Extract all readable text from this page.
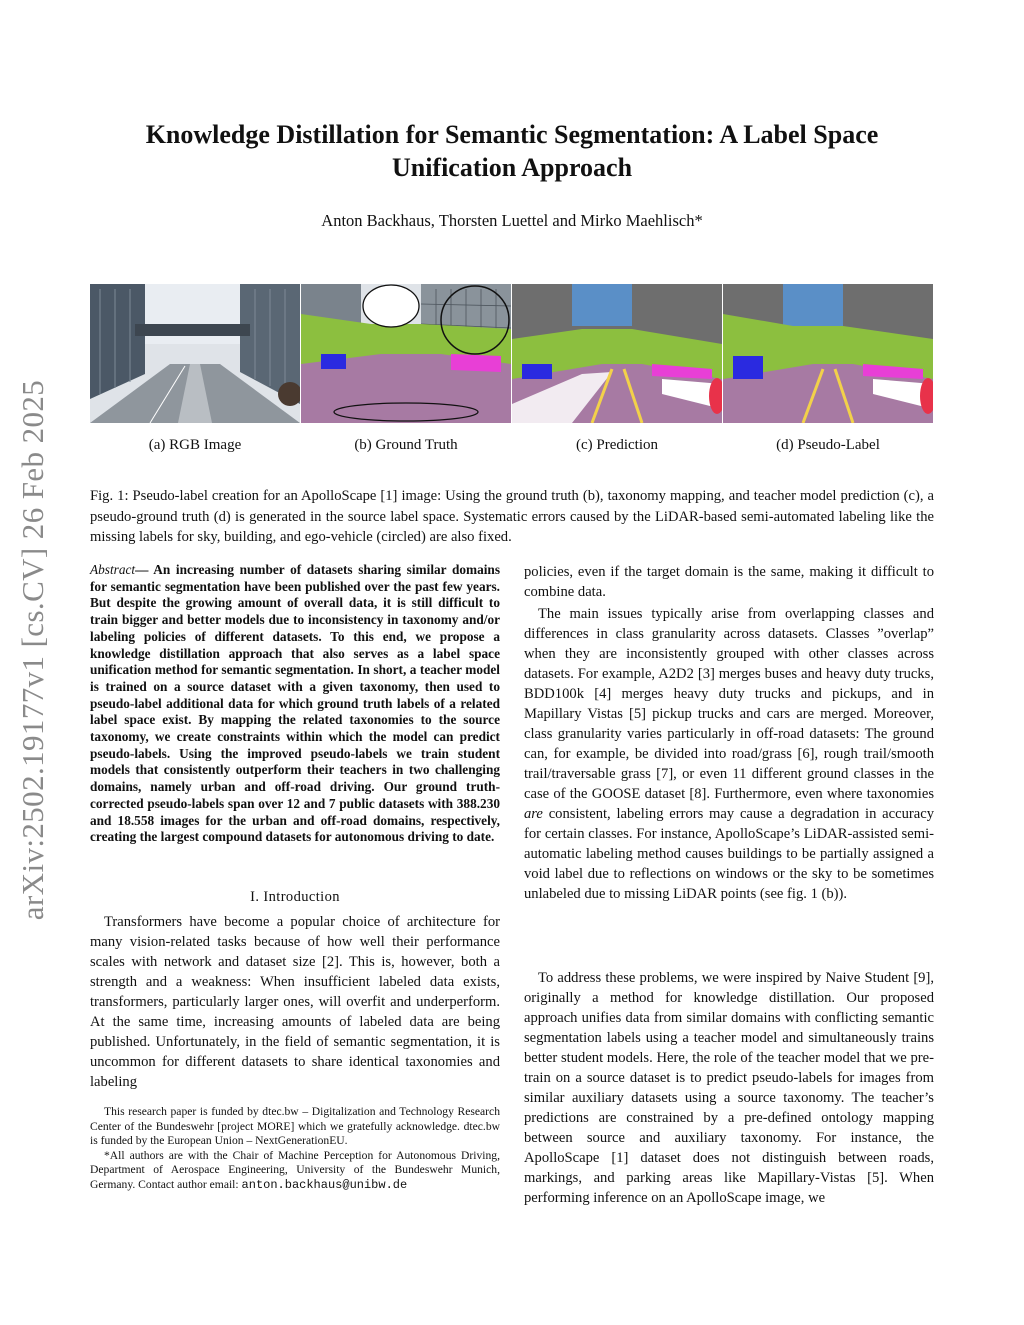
Knowledge Distillation for Semantic Segmentation: A Label Space Unification Approach
Anton Backhaus, Thorsten Luettel and Mirko Maehlisch*
arXiv:2502.19177v1 [cs.CV] 26 Feb 2025	(a) RGB Image	(b) Ground Truth	(c) Prediction	(d) Pseudo-Label
Fig. 1: Pseudo-label creation for an ApolloScape [1] image: Using the ground truth (b), taxonomy mapping, and teacher model prediction (c), a pseudo-ground truth (d) is generated in the source label space. Systematic errors caused by the LiDAR-based semi-automated labeling like the missing labels for sky, building, and ego-vehicle (circled) are also fixed.
Abstract— An increasing number of datasets sharing similar domains for semantic segmentation have been published over the past few years. But despite the growing amount of overall data, it is still difficult to train bigger and better models due to inconsistency in taxonomy and/or labeling policies of different datasets. To this end, we propose a knowledge distillation approach that also serves as a label space unification method for semantic segmentation. In short, a teacher model is trained on a source dataset with a given taxonomy, then used to pseudo-label additional data for which ground truth labels of a related label space exist. By mapping the related taxonomies to the source taxonomy, we create constraints within which the model can predict pseudo-labels. Using the improved pseudo-labels we train student models that consistently outperform their teachers in two challenging domains, namely urban and off-road driving. Our ground truth-corrected pseudo-labels span over 12 and 7 public datasets with 388.230 and 18.558 images for the urban and off-road domains, respectively, creating the largest compound datasets for autonomous driving to date.
I. Introduction

Transformers have become a popular choice of architecture for many vision-related tasks because of how well their performance scales with network and dataset size [2]. This is, however, both a strength and a weakness: When insufficient labeled data exists, transformers, particularly larger ones, will overfit and underperform. At the same time, increasing amounts of labeled data are being published. Unfortunately, in the field of semantic segmentation, it is uncommon for different datasets to share identical taxonomies and labeling

This research paper is funded by dtec.bw – Digitalization and Technology Research Center of the Bundeswehr [project MORE] which we gratefully acknowledge. dtec.bw is funded by the European Union – NextGenerationEU.

*All authors are with the Chair of Machine Perception for Autonomous Driving, Department of Aerospace Engineering, University of the Bundeswehr Munich, Germany. Contact author email: anton.backhaus@unibw.de

policies, even if the target domain is the same, making it difficult to combine data.

The main issues typically arise from overlapping classes and differences in class granularity across datasets. Classes ”overlap” when they are inconsistently grouped with other classes across datasets. For example, A2D2 [3] merges buses and heavy duty trucks, BDD100k [4] merges heavy duty trucks and pickups, and in Mapillary Vistas [5] pickup trucks and cars are merged. Moreover, class granularity varies particularly in off-road datasets: The ground can, for example, be divided into road/grass [6], rough trail/smooth trail/traversable grass [7], or even 11 different ground classes in the case of the GOOSE dataset [8]. Furthermore, even where taxonomies are consistent, labeling errors may cause a degradation in accuracy for certain classes. For instance, ApolloScape’s LiDAR-assisted semi-automatic labeling method causes buildings to be partially assigned a void label due to reflections on windows or the sky to be sometimes unlabeled due to missing LiDAR points (see fig. 1 (b)).

To address these problems, we were inspired by Naive Student [9], originally a method for knowledge distillation. Our proposed approach unifies data from similar domains with conflicting semantic segmentation labels using a teacher model and simultaneously trains better student models. Here, the role of the teacher model that we pre-train on a source dataset is to predict pseudo-labels for images from similar auxiliary datasets using a source taxonomy. The teacher’s predictions are constrained by a pre-defined ontology mapping between source and auxiliary taxonomy. For instance, the ApolloScape [1] dataset does not distinguish between roads, markings, and parking areas like Mapillary-Vistas [5]. When performing inference on an ApolloScape image, we
